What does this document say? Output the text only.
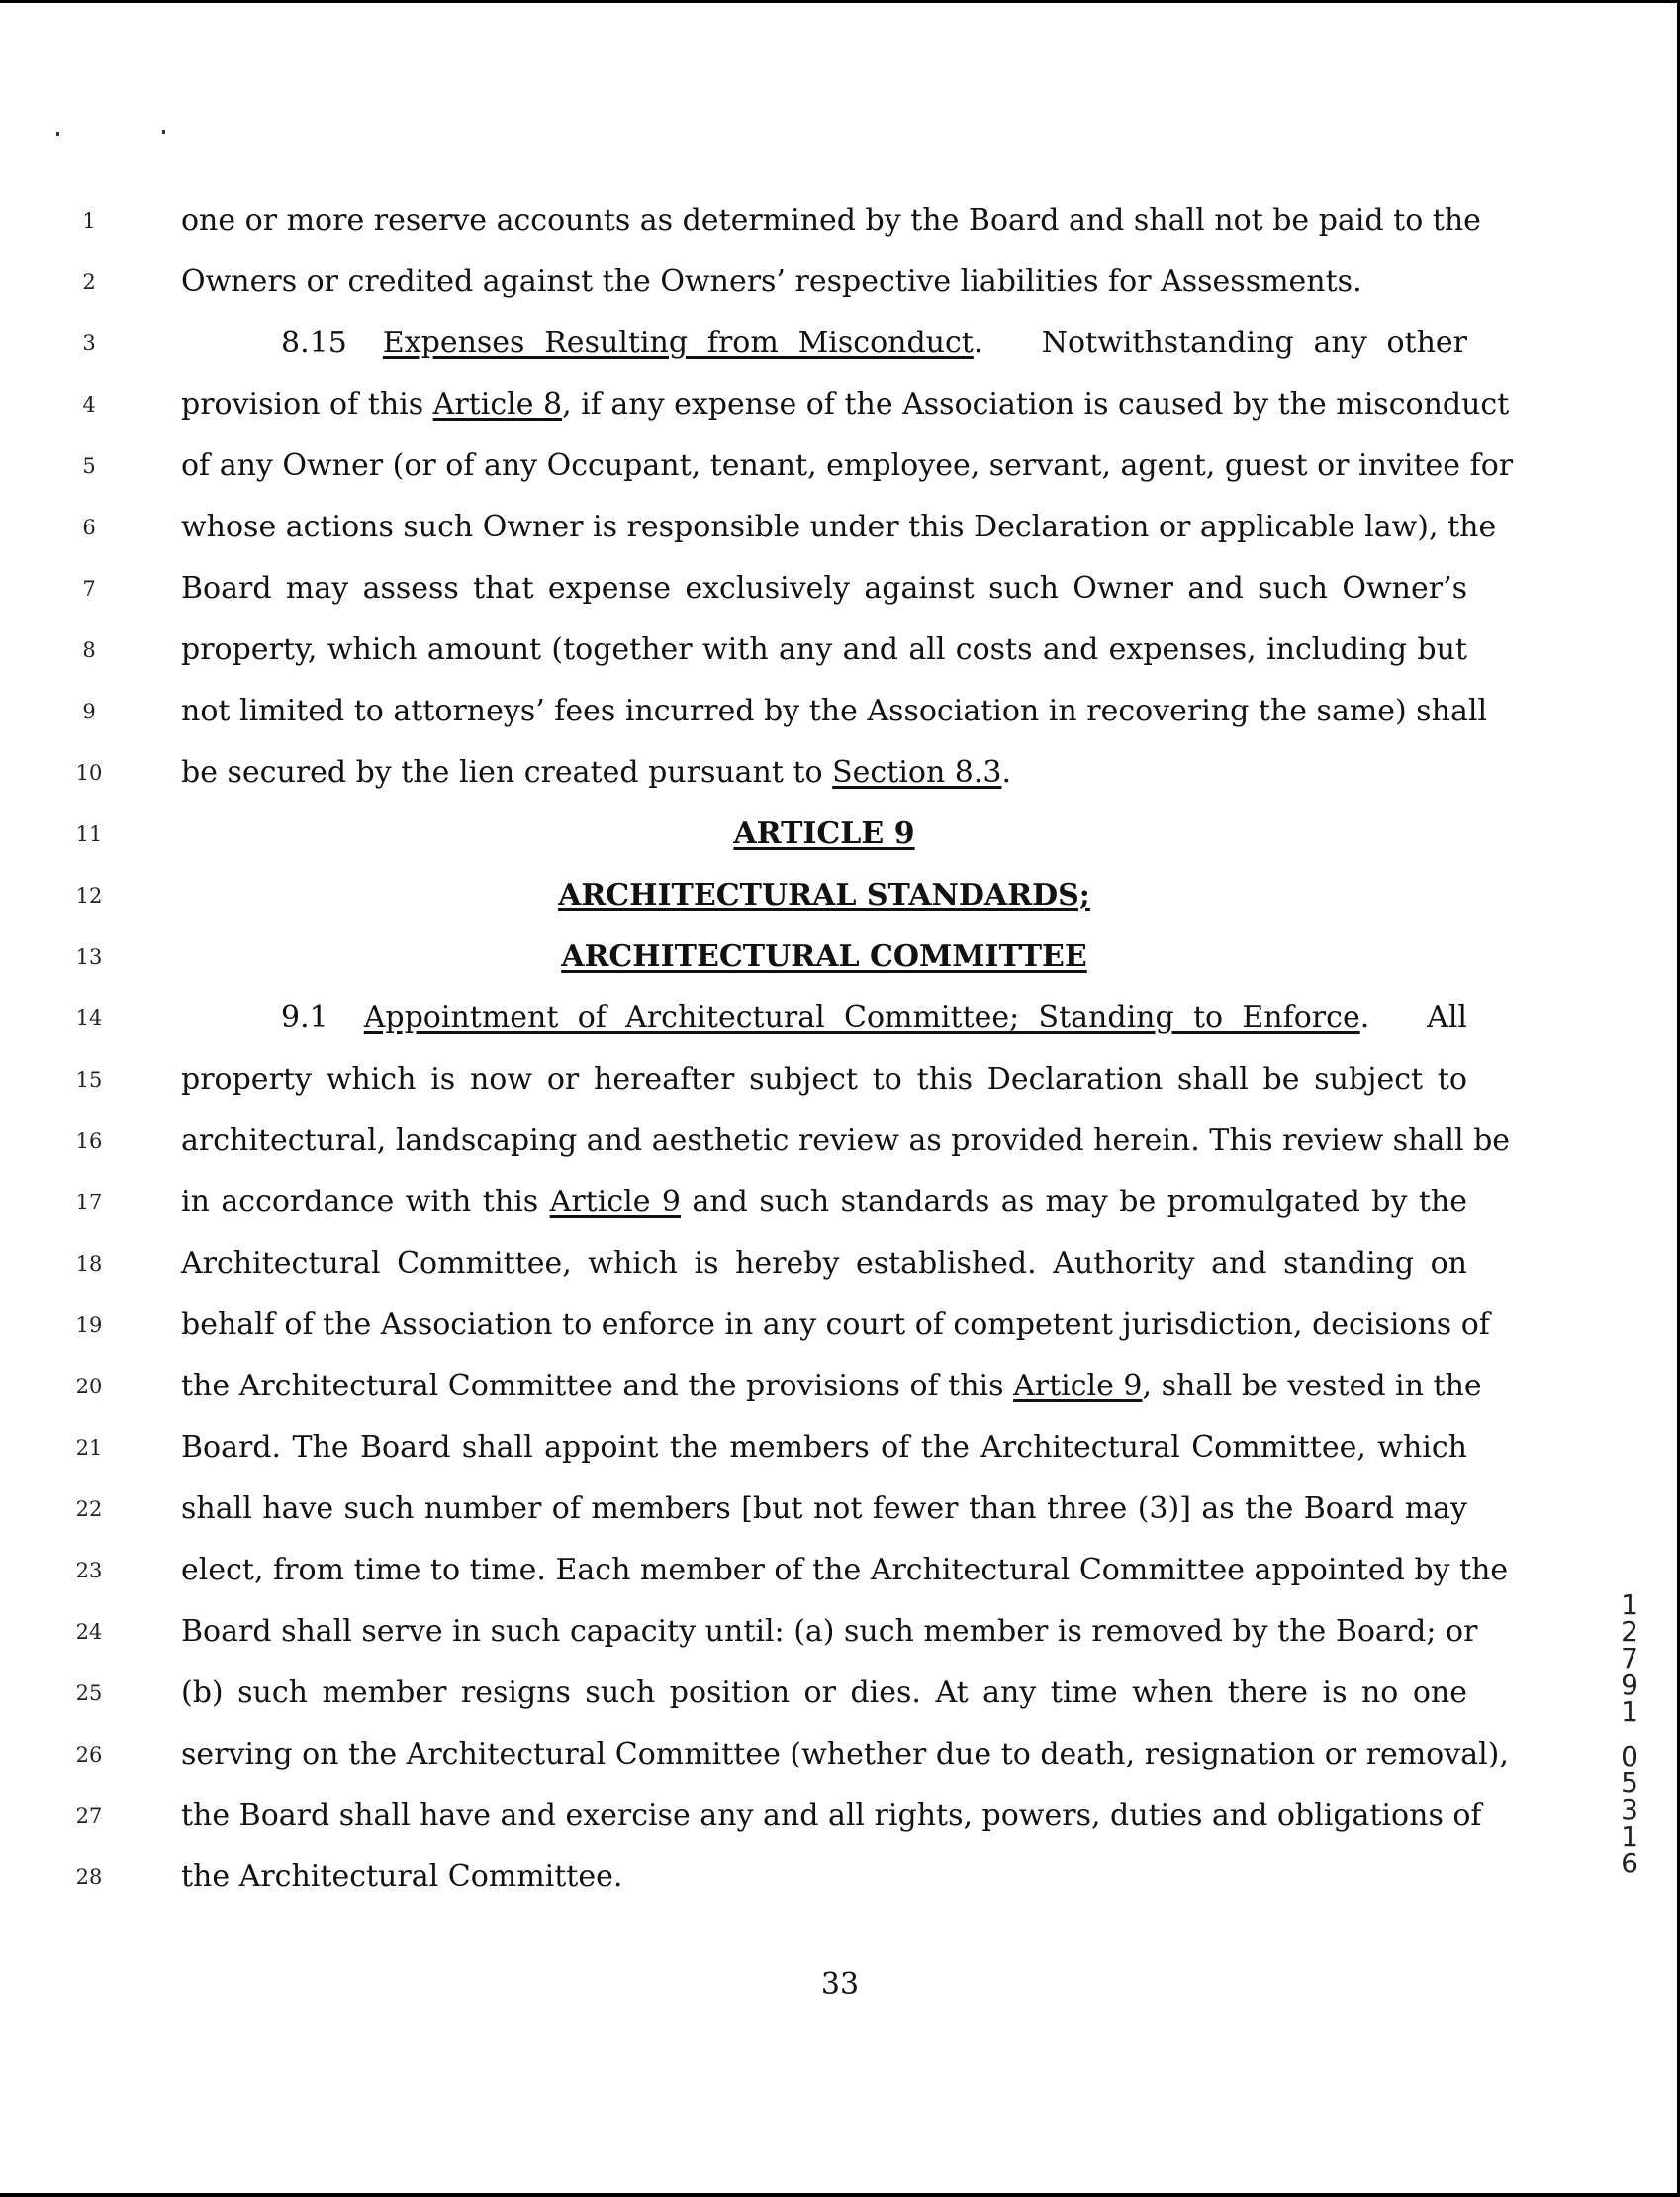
1
2
3
4
5
6
7
8
9
10
11
12
13
14
15
16
17
18
19
20
21
22
23
24
25
26
27
28
one or more reserve accounts as determined by the Board and shall not be paid to the
Owners or credited against the Owners’ respective liabilities for Assessments.
8.15 Expenses Resulting from Misconduct.   Notwithstanding any other
provision of this Article 8, if any expense of the Association is caused by the misconduct
of any Owner (or of any Occupant, tenant, employee, servant, agent, guest or invitee for
whose actions such Owner is responsible under this Declaration or applicable law), the
Board may assess that expense exclusively against such Owner and such Owner’s
property, which amount (together with any and all costs and expenses, including but
not limited to attorneys’ fees incurred by the Association in recovering the same) shall
be secured by the lien created pursuant to Section 8.3.
ARTICLE 9
ARCHITECTURAL STANDARDS;
ARCHITECTURAL COMMITTEE
9.1 Appointment of Architectural Committee; Standing to Enforce.   All
property which is now or hereafter subject to this Declaration shall be subject to
architectural, landscaping and aesthetic review as provided herein. This review shall be
in accordance with this Article 9 and such standards as may be promulgated by the
Architectural Committee, which is hereby established. Authority and standing on
behalf of the Association to enforce in any court of competent jurisdiction, decisions of
the Architectural Committee and the provisions of this Article 9, shall be vested in the
Board. The Board shall appoint the members of the Architectural Committee, which
shall have such number of members [but not fewer than three (3)] as the Board may
elect, from time to time. Each member of the Architectural Committee appointed by the
Board shall serve in such capacity until: (a) such member is removed by the Board; or
(b) such member resigns such position or dies. At any time when there is no one
serving on the Architectural Committee (whether due to death, resignation or removal),
the Board shall have and exercise any and all rights, powers, duties and obligations of
the Architectural Committee.
33
1
2
7
9
1
0
5
3
1
6
